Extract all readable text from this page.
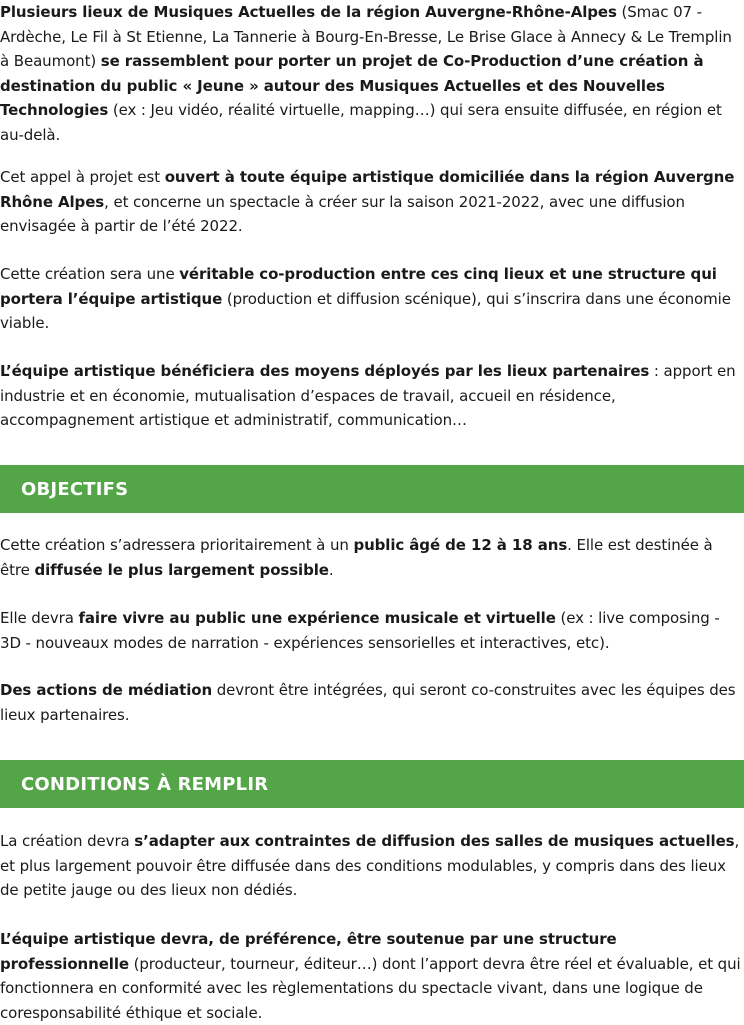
Plusieurs lieux de Musiques Actuelles de la région Auvergne-Rhône-Alpes (Smac 07 - Ardèche, Le Fil à St Etienne, La Tannerie à Bourg-En-Bresse, Le Brise Glace à Annecy & Le Tremplin à Beaumont) se rassemblent pour porter un projet de Co-Production d’une création à destination du public « Jeune » autour des Musiques Actuelles et des Nouvelles Technologies (ex : Jeu vidéo, réalité virtuelle, mapping…) qui sera ensuite diffusée, en région et au-delà.

Cet appel à projet est ouvert à toute équipe artistique domiciliée dans la région Auvergne Rhône Alpes, et concerne un spectacle à créer sur la saison 2021-2022, avec une diffusion envisagée à partir de l’été 2022.

Cette création sera une véritable co-production entre ces cinq lieux et une structure qui portera l’équipe artistique (production et diffusion scénique), qui s’inscrira dans une économie viable.

L’équipe artistique bénéficiera des moyens déployés par les lieux partenaires : apport en industrie et en économie, mutualisation d’espaces de travail, accueil en résidence, accompagnement artistique et administratif, communication…

OBJECTIFS

Cette création s’adressera prioritairement à un public âgé de 12 à 18 ans. Elle est destinée à être diffusée le plus largement possible.

Elle devra faire vivre au public une expérience musicale et virtuelle (ex : live composing - 3D - nouveaux modes de narration - expériences sensorielles et interactives, etc).

Des actions de médiation devront être intégrées, qui seront co-construites avec les équipes des lieux partenaires.

CONDITIONS À REMPLIR

La création devra s’adapter aux contraintes de diffusion des salles de musiques actuelles, et plus largement pouvoir être diffusée dans des conditions modulables, y compris dans des lieux de petite jauge ou des lieux non dédiés.

L’équipe artistique devra, de préférence, être soutenue par une structure professionnelle (producteur, tourneur, éditeur…) dont l’apport devra être réel et évaluable, et qui fonctionnera en conformité avec les règlementations du spectacle vivant, dans une logique de coresponsabilité éthique et sociale.
